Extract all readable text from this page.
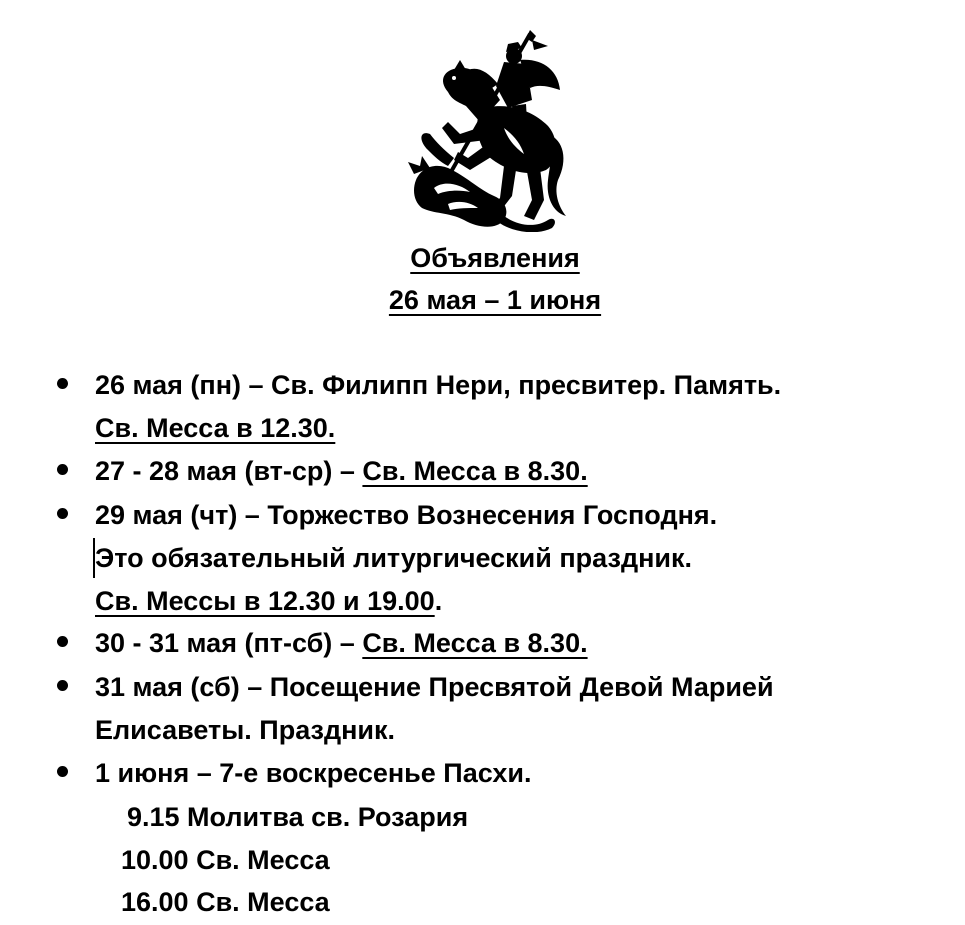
Объявления
26 мая – 1 июня
26 мая (пн) – Св. Филипп Нери, пресвитер. Память.
Св. Месса в 12.30.
27 - 28 мая (вт-ср) – Св. Месса в 8.30.
29 мая (чт) – Торжество Вознесения Господня.
Это обязательный литургический праздник.
Св. Мессы в 12.30 и 19.00.
30 - 31 мая (пт-сб) – Св. Месса в 8.30.
31 мая (сб) – Посещение Пресвятой Девой Марией
Елисаветы. Праздник.
1 июня – 7-е воскресенье Пасхи.
9.15 Молитва св. Розария
10.00 Св. Месса
16.00 Св. Месса
